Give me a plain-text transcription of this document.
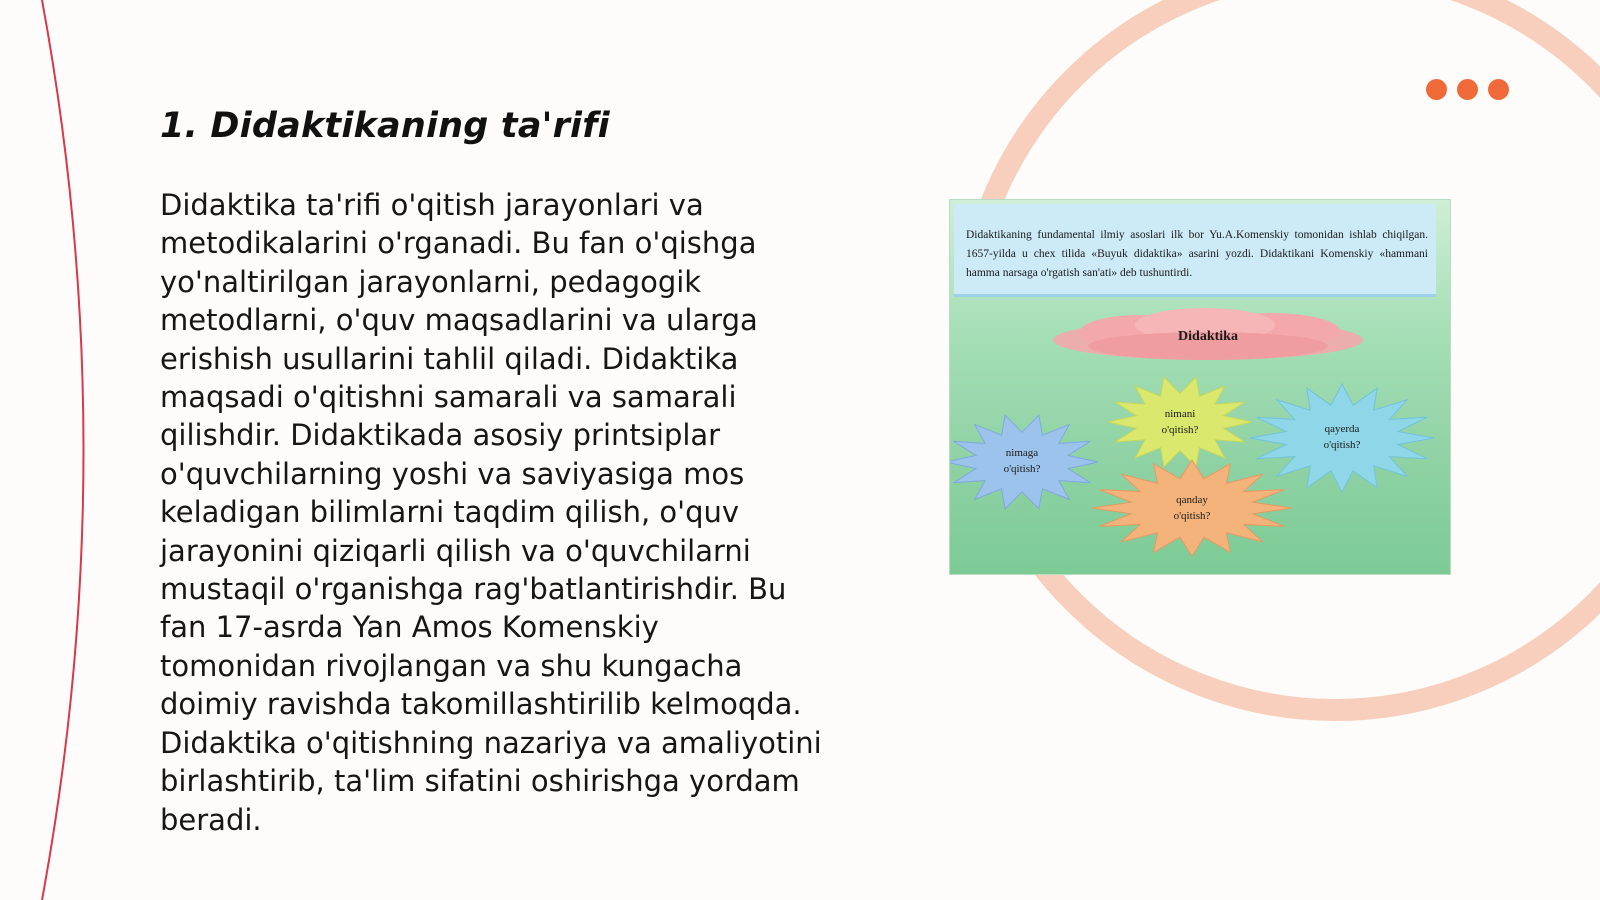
1. Didaktikaning ta'rifi
Didaktika ta'rifi o'qitish jarayonlari va
metodikalarini o'rganadi. Bu fan o'qishga
yo'naltirilgan jarayonlarni, pedagogik
metodlarni, o'quv maqsadlarini va ularga
erishish usullarini tahlil qiladi. Didaktika
maqsadi o'qitishni samarali va samarali
qilishdir. Didaktikada asosiy printsiplar
o'quvchilarning yoshi va saviyasiga mos
keladigan bilimlarni taqdim qilish, o'quv
jarayonini qiziqarli qilish va o'quvchilarni
mustaqil o'rganishga rag'batlantirishdir. Bu
fan 17-asrda Yan Amos Komenskiy
tomonidan rivojlangan va shu kungacha
doimiy ravishda takomillashtirilib kelmoqda.
Didaktika o'qitishning nazariya va amaliyotini
birlashtirib, ta'lim sifatini oshirishga yordam
beradi.
Didaktika
nimani
o'qitish?
nimaga
o'qitish?
qayerda
o'qitish?
qanday
o'qitish?
Didaktikaning fundamental ilmiy asoslari ilk bor Yu.A.Komenskiy tomonidan ishlab chiqilgan. 1657-yilda u chex tilida «Buyuk didaktika» asarini yozdi. Didaktikani Komenskiy «hammani hamma narsaga o'rgatish san'ati» deb tushuntirdi.
